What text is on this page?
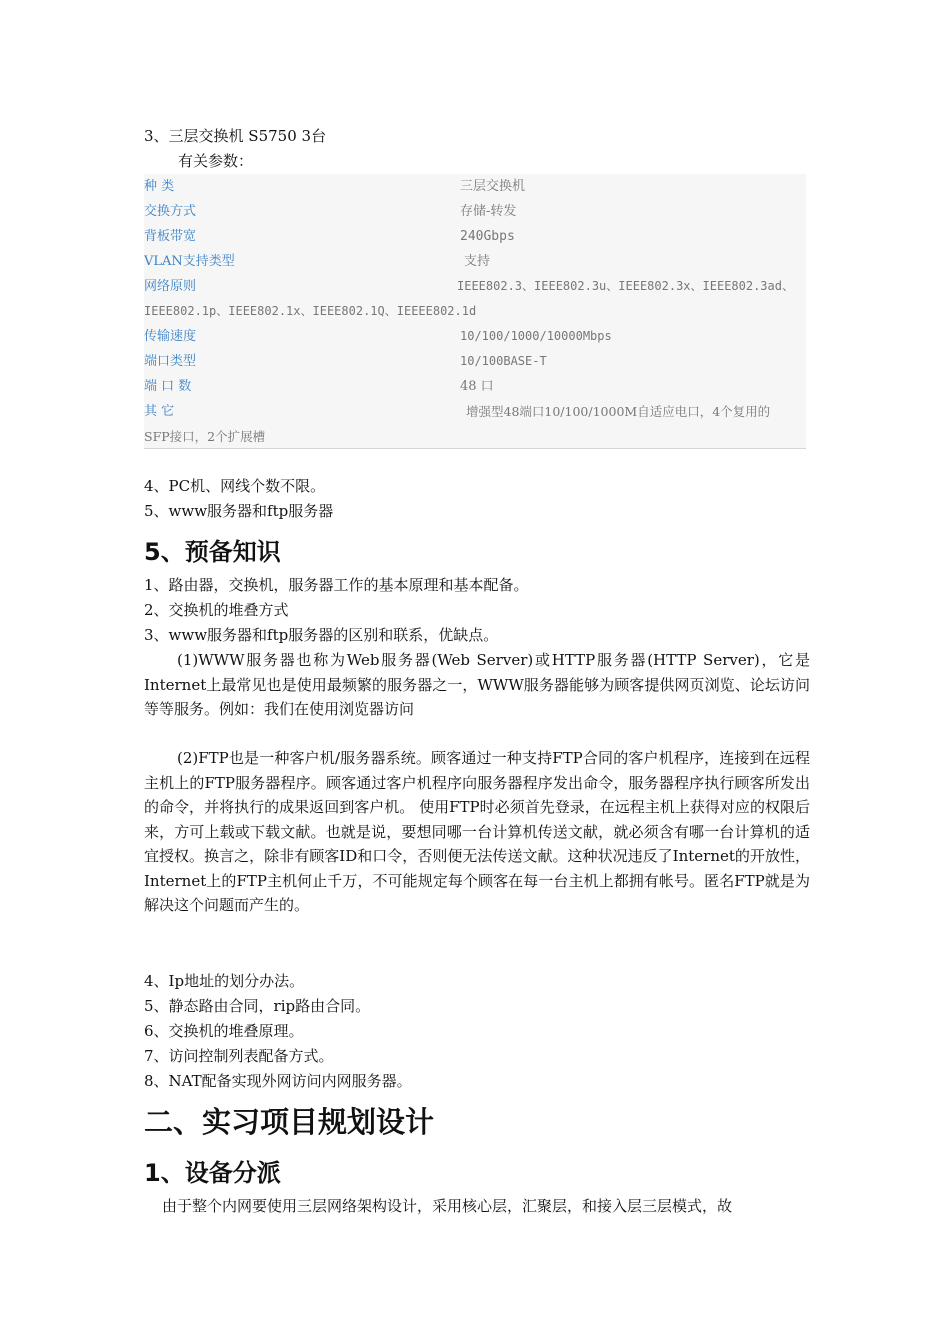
3、三层交换机 S5750 3台
有关参数：
种 类	三层交换机
交换方式	存储-转发
背板带宽	240Gbps
VLAN支持类型	支持
网络原则	IEEE802.3、IEEE802.3u、IEEE802.3x、IEEE802.3ad、
IEEE802.1p、IEEE802.1x、IEEE802.1Q、IEEEE802.1d
传输速度	10/100/1000/10000Mbps
端口类型	10/100BASE-T
端 口 数	48 口
其 它	增强型48端口10/100/1000M自适应电口，4个复用的
SFP接口，2个扩展槽
4、PC机、网线个数不限。
5、www服务器和ftp服务器
5、预备知识
1、路由器，交换机，服务器工作的基本原理和基本配备。
2、交换机的堆叠方式
3、www服务器和ftp服务器的区别和联系，优缺点。
(1)WWW服务器也称为Web服务器(Web Server)或HTTP服务器(HTTP Server)，它是Internet上最常见也是使用最频繁的服务器之一，WWW服务器能够为顾客提供网页浏览、论坛访问等等服务。例如：我们在使用浏览器访问
(2)FTP也是一种客户机/服务器系统。顾客通过一种支持FTP合同的客户机程序，连接到在远程主机上的FTP服务器程序。顾客通过客户机程序向服务器程序发出命令，服务器程序执行顾客所发出的命令，并将执行的成果返回到客户机。 使用FTP时必须首先登录，在远程主机上获得对应的权限后来，方可上载或下载文献。也就是说，要想同哪一台计算机传送文献，就必须含有哪一台计算机的适宜授权。换言之，除非有顾客ID和口令，否则便无法传送文献。这种状况违反了Internet的开放性，Internet上的FTP主机何止千万，不可能规定每个顾客在每一台主机上都拥有帐号。匿名FTP就是为解决这个问题而产生的。
4、Ip地址的划分办法。
5、静态路由合同，rip路由合同。
6、交换机的堆叠原理。
7、访问控制列表配备方式。
8、NAT配备实现外网访问内网服务器。
二、实习项目规划设计
1、设备分派
由于整个内网要使用三层网络架构设计，采用核心层，汇聚层，和接入层三层模式，故
